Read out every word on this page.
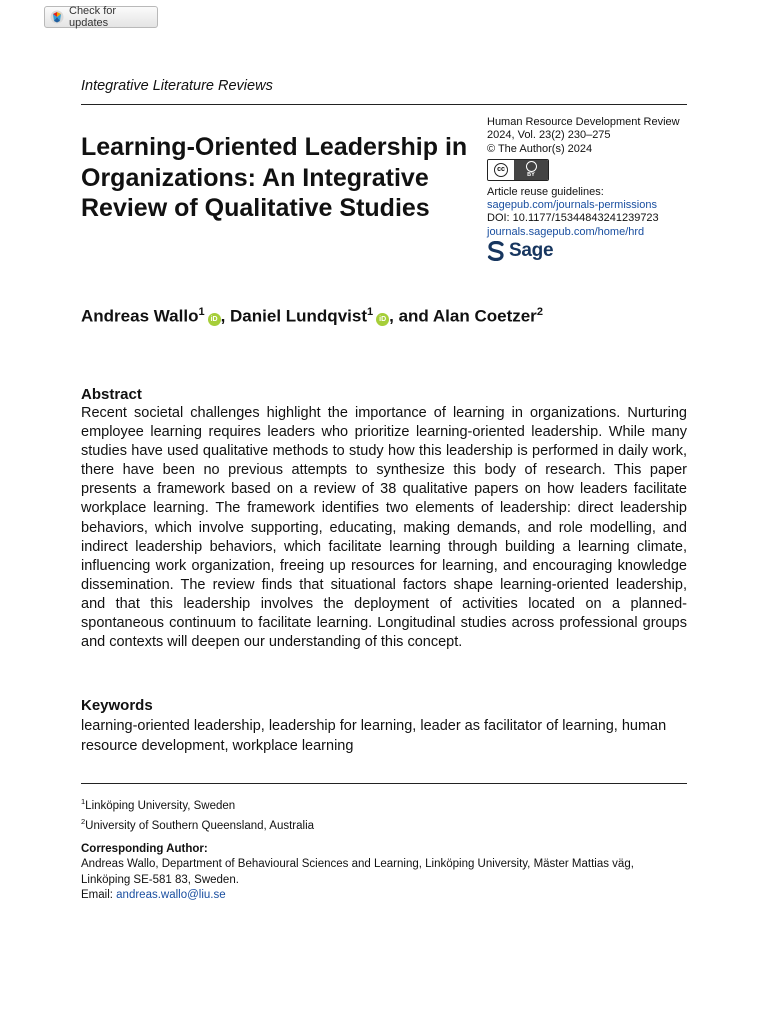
Check for updates
Integrative Literature Reviews
Learning-Oriented Leadership in Organizations: An Integrative Review of Qualitative Studies
Human Resource Development Review
2024, Vol. 23(2) 230–275
© The Author(s) 2024
cc
BY
Article reuse guidelines:
sagepub.com/journals-permissions
DOI: 10.1177/15344843241239723
journals.sagepub.com/home/hrd
Sage
Andreas Wallo$^1$iD , Daniel Lundqvist$^1$iD , and Alan Coetzer$^2$
Abstract

Recent societal challenges highlight the importance of learning in organizations. Nurturing employee learning requires leaders who prioritize learning-oriented leadership. While many studies have used qualitative methods to study how this leadership is performed in daily work, there have been no previous attempts to synthesize this body of research. This paper presents a framework based on a review of 38 qualitative papers on how leaders facilitate workplace learning. The framework identifies two elements of leadership: direct leadership behaviors, which involve supporting, educating, making demands, and role modelling, and indirect leadership behaviors, which facilitate learning through building a learning climate, influencing work organization, freeing up resources for learning, and encouraging knowledge dissemination. The review finds that situational factors shape learning-oriented leadership, and that this leadership involves the deployment of activities located on a planned-spontaneous continuum to facilitate learning. Longitudinal studies across professional groups and contexts will deepen our understanding of this concept.

Keywords

learning-oriented leadership, leadership for learning, leader as facilitator of learning, human resource development, workplace learning

$^1$Linköping University, Sweden
$^2$University of Southern Queensland, Australia
Corresponding Author:
Andreas Wallo, Department of Behavioural Sciences and Learning, Linköping University, Mäster Mattias väg,
Linköping SE-581 83, Sweden.
Email: andreas.wallo@liu.se
